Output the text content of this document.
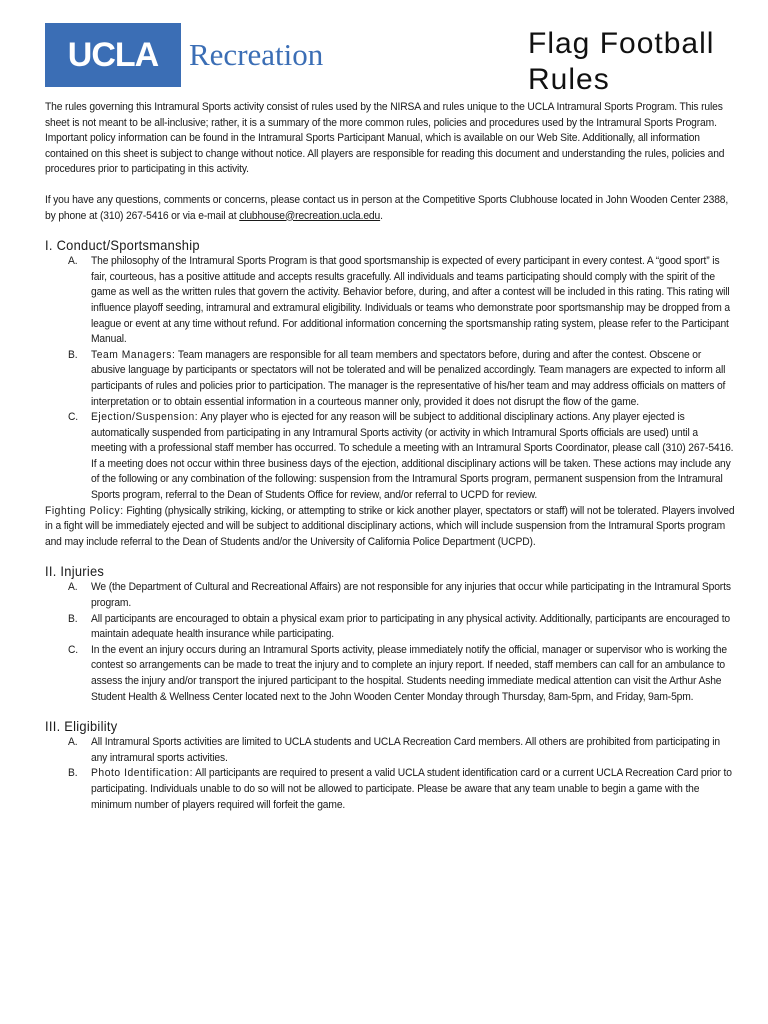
UCLA Recreation	Flag Football
Rules

The rules governing this Intramural Sports activity consist of rules used by the NIRSA and rules unique to the UCLA Intramural Sports Program. This rules sheet is not meant to be all-inclusive; rather, it is a summary of the more common rules, policies and procedures used by the Intramural Sports Program. Important policy information can be found in the Intramural Sports Participant Manual, which is available on our Web Site. Additionally, all information contained on this sheet is subject to change without notice. All players are responsible for reading this document and understanding the rules, policies and procedures prior to participating in this activity.

If you have any questions, comments or concerns, please contact us in person at the Competitive Sports Clubhouse located in John Wooden Center 2388, by phone at (310) 267-5416 or via e-mail at clubhouse@recreation.ucla.edu.

I. Conduct/Sportsmanship
A. The philosophy of the Intramural Sports Program is that good sportsmanship is expected of every participant in every contest. A “good sport” is fair, courteous, has a positive attitude and accepts results gracefully. All individuals and teams participating should comply with the spirit of the game as well as the written rules that govern the activity. Behavior before, during, and after a contest will be included in this rating. This rating will influence playoff seeding, intramural and extramural eligibility. Individuals or teams who demonstrate poor sportsmanship may be dropped from a league or event at any time without refund. For additional information concerning the sportsmanship rating system, please refer to the Participant Manual.
B. Team Managers: Team managers are responsible for all team members and spectators before, during and after the contest. Obscene or abusive language by participants or spectators will not be tolerated and will be penalized accordingly. Team managers are expected to inform all participants of rules and policies prior to participation. The manager is the representative of his/her team and may address officials on matters of interpretation or to obtain essential information in a courteous manner only, provided it does not disrupt the flow of the game.
C. Ejection/Suspension: Any player who is ejected for any reason will be subject to additional disciplinary actions. Any player ejected is automatically suspended from participating in any Intramural Sports activity (or activity in which Intramural Sports officials are used) until a meeting with a professional staff member has occurred. To schedule a meeting with an Intramural Sports Coordinator, please call (310) 267-5416. If a meeting does not occur within three business days of the ejection, additional disciplinary actions will be taken. These actions may include any of the following or any combination of the following: suspension from the Intramural Sports program, permanent suspension from the Intramural Sports program, referral to the Dean of Students Office for review, and/or referral to UCPD for review.

Fighting Policy: Fighting (physically striking, kicking, or attempting to strike or kick another player, spectators or staff) will not be tolerated. Players involved in a fight will be immediately ejected and will be subject to additional disciplinary actions, which will include suspension from the Intramural Sports program and may include referral to the Dean of Students and/or the University of California Police Department (UCPD).

II. Injuries
A. We (the Department of Cultural and Recreational Affairs) are not responsible for any injuries that occur while participating in the Intramural Sports program.
B. All participants are encouraged to obtain a physical exam prior to participating in any physical activity. Additionally, participants are encouraged to maintain adequate health insurance while participating.
C. In the event an injury occurs during an Intramural Sports activity, please immediately notify the official, manager or supervisor who is working the contest so arrangements can be made to treat the injury and to complete an injury report. If needed, staff members can call for an ambulance to assess the injury and/or transport the injured participant to the hospital. Students needing immediate medical attention can visit the Arthur Ashe Student Health & Wellness Center located next to the John Wooden Center Monday through Thursday, 8am-5pm, and Friday, 9am-5pm.
III. Eligibility
A. All Intramural Sports activities are limited to UCLA students and UCLA Recreation Card members. All others are prohibited from participating in any intramural sports activities.
B. Photo Identification: All participants are required to present a valid UCLA student identification card or a current UCLA Recreation Card prior to participating. Individuals unable to do so will not be allowed to participate. Please be aware that any team unable to begin a game with the minimum number of players required will forfeit the game.
